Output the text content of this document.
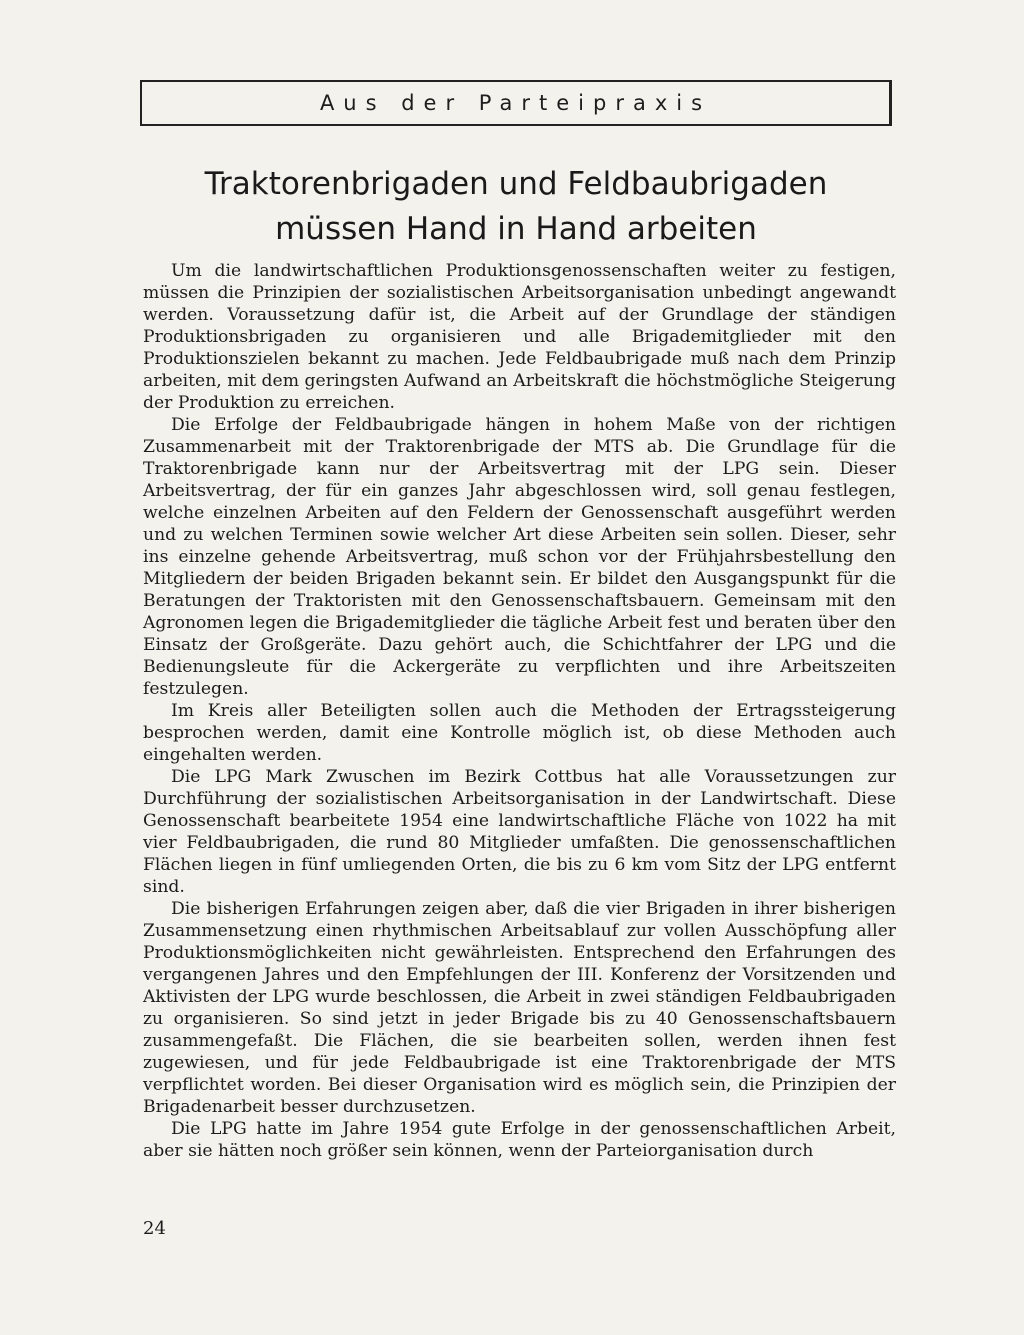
Aus der Parteipraxis
Traktorenbrigaden und Feldbaubrigaden
müssen Hand in Hand arbeiten

Um die landwirtschaftlichen Produktionsgenossenschaften weiter zu festigen, müssen die Prinzipien der sozialistischen Arbeitsorganisation unbedingt angewandt werden. Voraussetzung dafür ist, die Arbeit auf der Grundlage der ständigen Produktionsbrigaden zu organisieren und alle Brigademitglieder mit den Produktionszielen bekannt zu machen. Jede Feldbaubrigade muß nach dem Prinzip arbeiten, mit dem geringsten Aufwand an Arbeitskraft die höchstmögliche Steigerung der Produktion zu erreichen.

Die Erfolge der Feldbaubrigade hängen in hohem Maße von der richtigen Zusammenarbeit mit der Traktorenbrigade der MTS ab. Die Grundlage für die Traktorenbrigade kann nur der Arbeitsvertrag mit der LPG sein. Dieser Arbeitsvertrag, der für ein ganzes Jahr abgeschlossen wird, soll genau festlegen, welche einzelnen Arbeiten auf den Feldern der Genossenschaft ausgeführt werden und zu welchen Terminen sowie welcher Art diese Arbeiten sein sollen. Dieser, sehr ins einzelne gehende Arbeitsvertrag, muß schon vor der Frühjahrsbestellung den Mitgliedern der beiden Brigaden bekannt sein. Er bildet den Ausgangspunkt für die Beratungen der Traktoristen mit den Genossenschaftsbauern. Gemeinsam mit den Agronomen legen die Brigademitglieder die tägliche Arbeit fest und beraten über den Einsatz der Großgeräte. Dazu gehört auch, die Schichtfahrer der LPG und die Bedienungsleute für die Ackergeräte zu verpflichten und ihre Arbeitszeiten festzulegen.

Im Kreis aller Beteiligten sollen auch die Methoden der Ertragssteigerung besprochen werden, damit eine Kontrolle möglich ist, ob diese Methoden auch eingehalten werden.

Die LPG Mark Zwuschen im Bezirk Cottbus hat alle Voraussetzungen zur Durchführung der sozialistischen Arbeitsorganisation in der Landwirtschaft. Diese Genossenschaft bearbeitete 1954 eine landwirtschaftliche Fläche von 1022 ha mit vier Feldbaubrigaden, die rund 80 Mitglieder umfaßten. Die genossenschaftlichen Flächen liegen in fünf umliegenden Orten, die bis zu 6 km vom Sitz der LPG entfernt sind.

Die bisherigen Erfahrungen zeigen aber, daß die vier Brigaden in ihrer bisherigen Zusammensetzung einen rhythmischen Arbeitsablauf zur vollen Ausschöpfung aller Produktionsmöglichkeiten nicht gewährleisten. Entsprechend den Erfahrungen des vergangenen Jahres und den Empfehlungen der III. Konferenz der Vorsitzenden und Aktivisten der LPG wurde beschlossen, die Arbeit in zwei ständigen Feldbaubrigaden zu organisieren. So sind jetzt in jeder Brigade bis zu 40 Genossenschaftsbauern zusammengefaßt. Die Flächen, die sie bearbeiten sollen, werden ihnen fest zugewiesen, und für jede Feldbaubrigade ist eine Traktorenbrigade der MTS verpflichtet worden. Bei dieser Organisation wird es möglich sein, die Prinzipien der Brigadenarbeit besser durchzusetzen.

Die LPG hatte im Jahre 1954 gute Erfolge in der genossenschaftlichen Arbeit, aber sie hätten noch größer sein können, wenn der Parteiorganisation durch

24
